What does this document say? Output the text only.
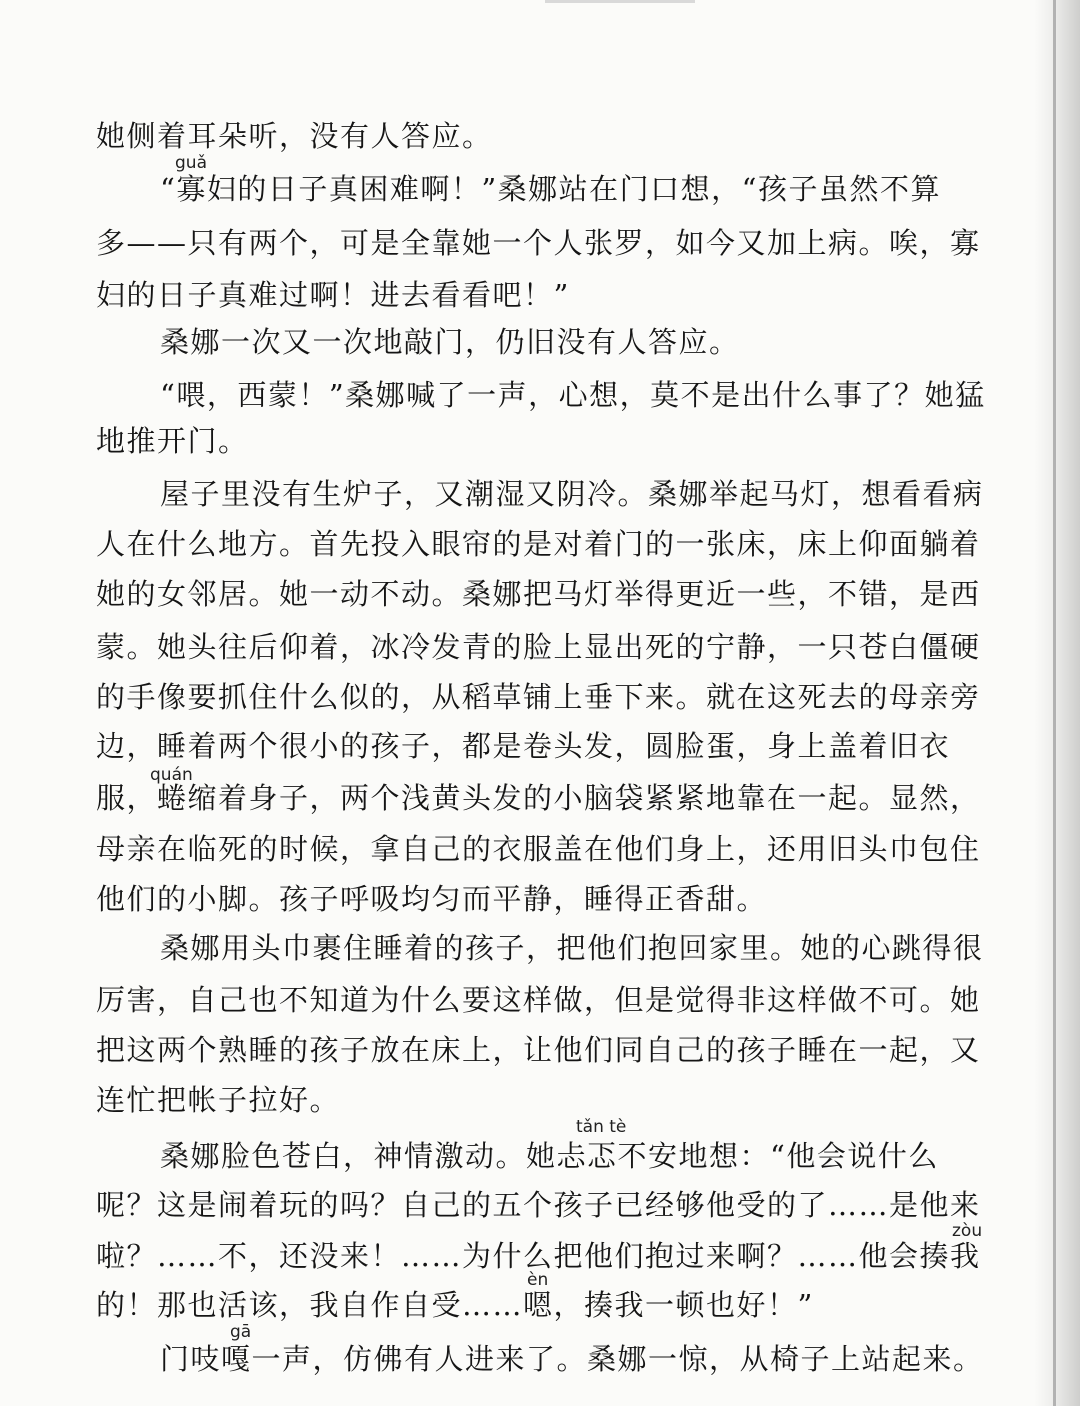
她侧着耳朵听，没有人答应。
“寡妇的日子真困难啊！”桑娜站在门口想，“孩子虽然不算
多——只有两个，可是全靠她一个人张罗，如今又加上病。唉，寡
妇的日子真难过啊！进去看看吧！”
桑娜一次又一次地敲门，仍旧没有人答应。
“喂，西蒙！”桑娜喊了一声，心想，莫不是出什么事了？她猛
地推开门。
屋子里没有生炉子，又潮湿又阴冷。桑娜举起马灯，想看看病
人在什么地方。首先投入眼帘的是对着门的一张床，床上仰面躺着
她的女邻居。她一动不动。桑娜把马灯举得更近一些，不错，是西
蒙。她头往后仰着，冰冷发青的脸上显出死的宁静，一只苍白僵硬
的手像要抓住什么似的，从稻草铺上垂下来。就在这死去的母亲旁
边，睡着两个很小的孩子，都是卷头发，圆脸蛋，身上盖着旧衣
服，蜷缩着身子，两个浅黄头发的小脑袋紧紧地靠在一起。显然，
母亲在临死的时候，拿自己的衣服盖在他们身上，还用旧头巾包住
他们的小脚。孩子呼吸均匀而平静，睡得正香甜。
桑娜用头巾裹住睡着的孩子，把他们抱回家里。她的心跳得很
厉害，自己也不知道为什么要这样做，但是觉得非这样做不可。她
把这两个熟睡的孩子放在床上，让他们同自己的孩子睡在一起，又
连忙把帐子拉好。
桑娜脸色苍白，神情激动。她忐忑不安地想：“他会说什么
呢？这是闹着玩的吗？自己的五个孩子已经够他受的了……是他来
啦？……不，还没来！……为什么把他们抱过来啊？……他会揍我
的！那也活该，我自作自受……嗯，揍我一顿也好！”
门吱嘎一声，仿佛有人进来了。桑娜一惊，从椅子上站起来。
guǎ
quán
tǎn tè
zòu
èn
gā
